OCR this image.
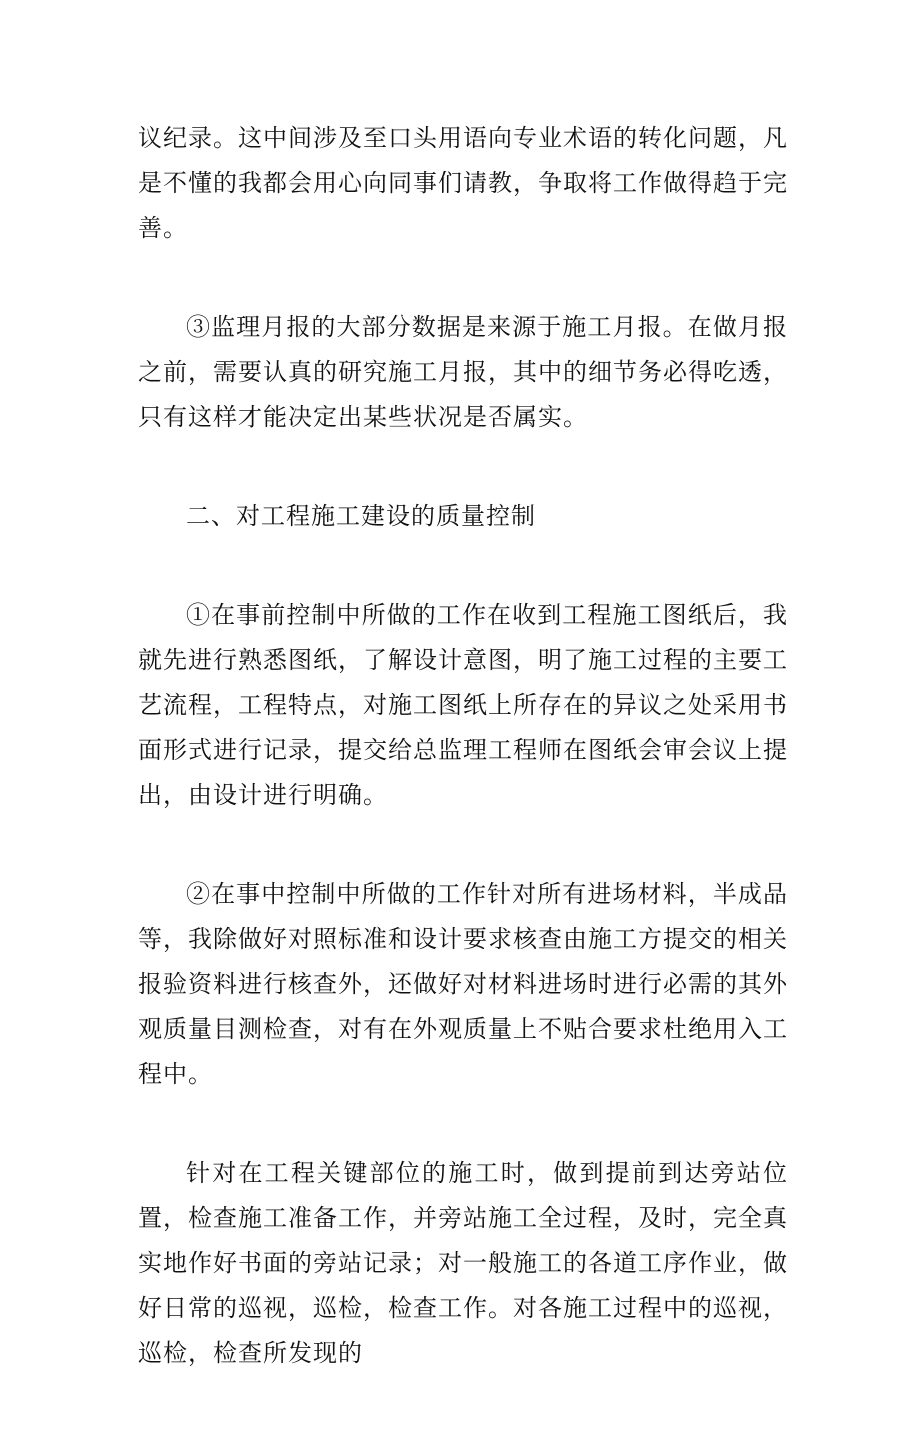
议纪录。这中间涉及至口头用语向专业术语的转化问题，凡是不懂的我都会用心向同事们请教，争取将工作做得趋于完善。

③监理月报的大部分数据是来源于施工月报。在做月报之前，需要认真的研究施工月报，其中的细节务必得吃透，只有这样才能决定出某些状况是否属实。

二、对工程施工建设的质量控制

①在事前控制中所做的工作在收到工程施工图纸后，我就先进行熟悉图纸，了解设计意图，明了施工过程的主要工艺流程，工程特点，对施工图纸上所存在的异议之处采用书面形式进行记录，提交给总监理工程师在图纸会审会议上提出，由设计进行明确。

②在事中控制中所做的工作针对所有进场材料，半成品等，我除做好对照标准和设计要求核查由施工方提交的相关报验资料进行核查外，还做好对材料进场时进行必需的其外观质量目测检查，对有在外观质量上不贴合要求杜绝用入工程中。

针对在工程关键部位的施工时，做到提前到达旁站位置，检查施工准备工作，并旁站施工全过程，及时，完全真实地作好书面的旁站记录；对一般施工的各道工序作业，做好日常的巡视，巡检，检查工作。对各施工过程中的巡视，巡检，检查所发现的
